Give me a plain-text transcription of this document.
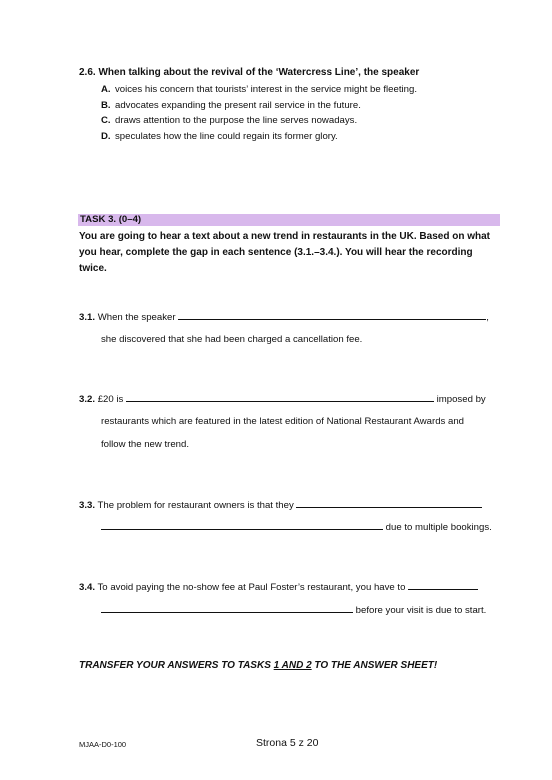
2.6. When talking about the revival of the ‘Watercress Line’, the speaker
A. voices his concern that tourists’ interest in the service might be fleeting.
B. advocates expanding the present rail service in the future.
C. draws attention to the purpose the line serves nowadays.
D. speculates how the line could regain its former glory.
TASK 3. (0–4)
You are going to hear a text about a new trend in restaurants in the UK. Based on what you hear, complete the gap in each sentence (3.1.–3.4.). You will hear the recording twice.
3.1. When the speaker	,
she discovered that she had been charged a cancellation fee.
3.2. £20 is	imposed by
restaurants which are featured in the latest edition of National Restaurant Awards and
follow the new trend.
3.3. The problem for restaurant owners is that they
due to multiple bookings.
3.4. To avoid paying the no-show fee at Paul Foster’s restaurant, you have to
before your visit is due to start.
TRANSFER YOUR ANSWERS TO TASKS 1 AND 2 TO THE ANSWER SHEET!
MJAA-D0-100	Strona 5 z 20
